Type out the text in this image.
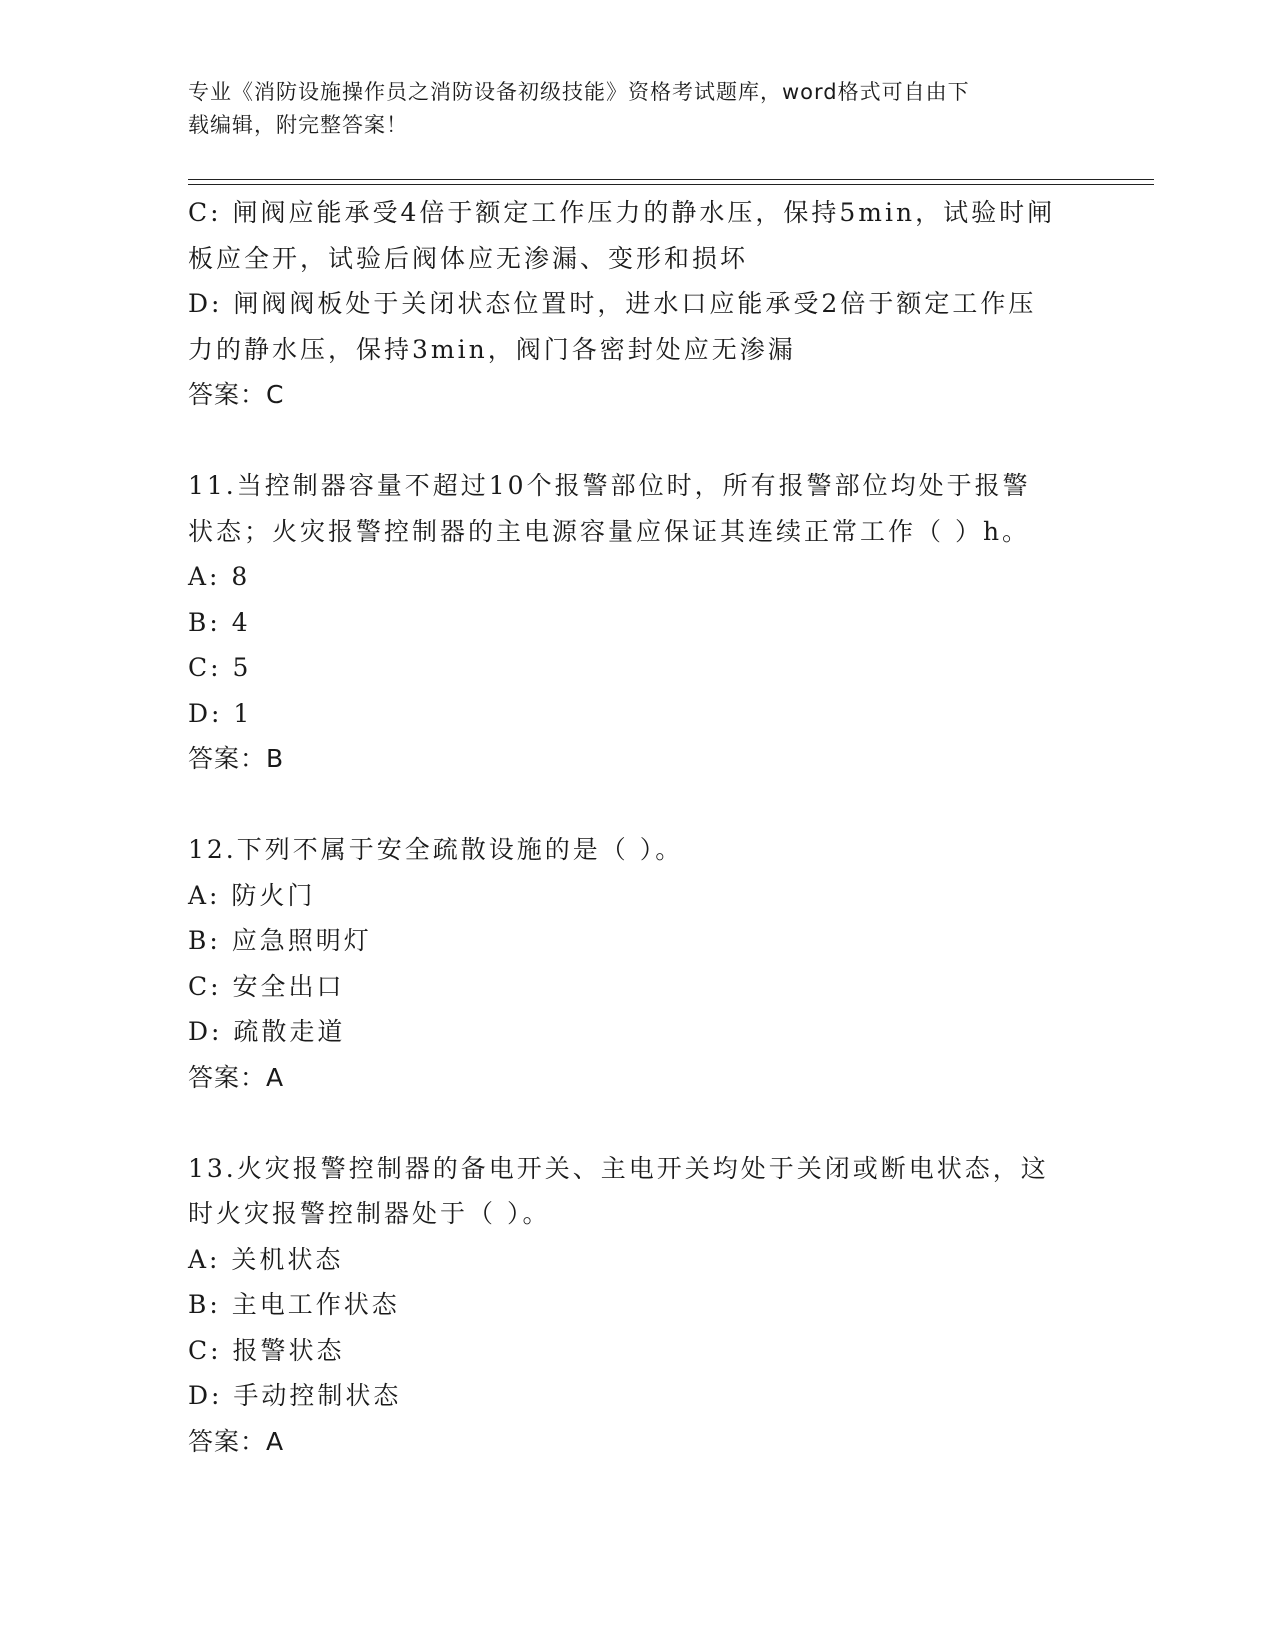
专业《消防设施操作员之消防设备初级技能》资格考试题库，word格式可自由下
载编辑，附完整答案！
C: 闸阀应能承受4倍于额定工作压力的静水压，保持5min，试验时闸
板应全开，试验后阀体应无渗漏、变形和损坏
D: 闸阀阀板处于关闭状态位置时，进水口应能承受2倍于额定工作压
力的静水压，保持3min，阀门各密封处应无渗漏
答案：C
11.当控制器容量不超过10个报警部位时，所有报警部位均处于报警
状态；火灾报警控制器的主电源容量应保证其连续正常工作（ ）h。
A: 8
B: 4
C: 5
D: 1
答案：B
12.下列不属于安全疏散设施的是（ ）。
A: 防火门
B: 应急照明灯
C: 安全出口
D: 疏散走道
答案：A
13.火灾报警控制器的备电开关、主电开关均处于关闭或断电状态，这
时火灾报警控制器处于（ ）。
A: 关机状态
B: 主电工作状态
C: 报警状态
D: 手动控制状态
答案：A
